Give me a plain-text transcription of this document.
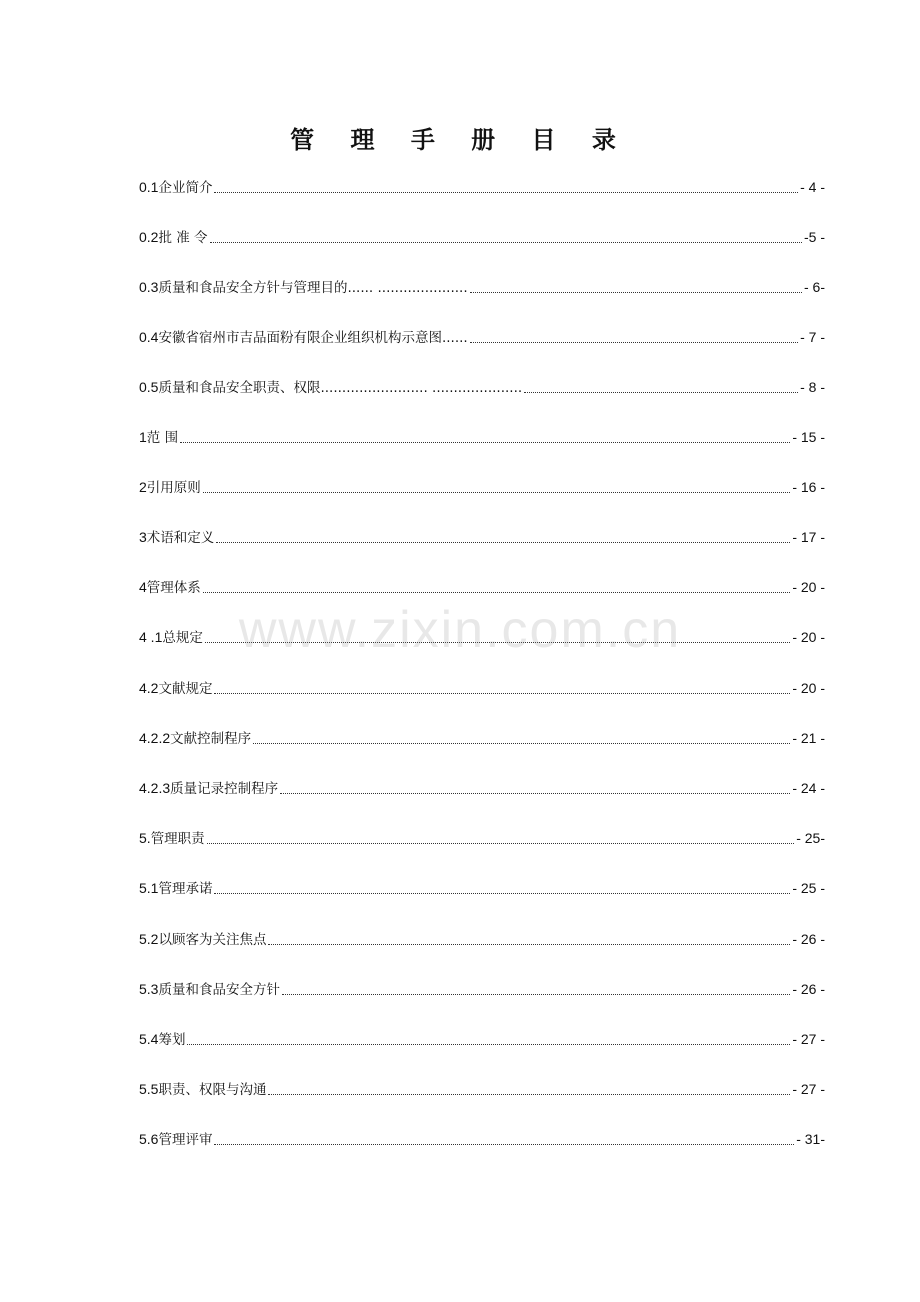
管 理 手 册 目 录
0.1 企业简介	- 4 -
0.2 批 准 令	-5 -
0.3 质量和食品安全方针与管理目的...... .....................	- 6-
0.4 安徽省宿州市吉品面粉有限企业组织机构示意图......	- 7 -
0.5 质量和食品安全职责、权限......................... .....................	- 8 -
1 范 围	- 15 -
2 引用原则	- 16 -
3 术语和定义	- 17 -
4 管理体系	- 20 -
4 .1 总规定	- 20 -
4.2 文献规定	- 20 -
4.2.2 文献控制程序	- 21 -
4.2.3 质量记录控制程序	- 24 -
5. 管理职责	- 25-
5.1 管理承诺	- 25 -
5.2 以顾客为关注焦点	- 26 -
5.3 质量和食品安全方针	- 26 -
5.4 筹划	- 27 -
5.5 职责、权限与沟通	- 27 -
5.6 管理评审	- 31-
www.zixin.com.cn
